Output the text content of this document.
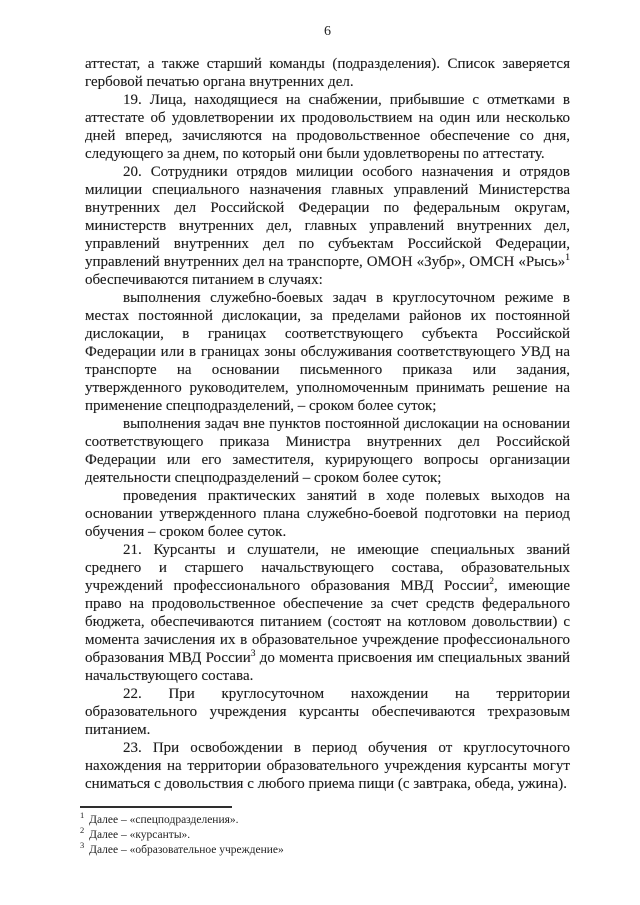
6

аттестат, а также старший команды (подразделения). Список заверяется гербовой печатью органа внутренних дел.

19. Лица, находящиеся на снабжении, прибывшие с отметками в аттестате об удовлетворении их продовольствием на один или несколько дней вперед, зачисляются на продовольственное обеспечение со дня, следующего за днем, по который они были удовлетворены по аттестату.

20. Сотрудники отрядов милиции особого назначения и отрядов милиции специального назначения главных управлений Министерства внутренних дел Российской Федерации по федеральным округам, министерств внутренних дел, главных управлений внутренних дел, управлений внутренних дел по субъектам Российской Федерации, управлений внутренних дел на транспорте, ОМОН «Зубр», ОМСН «Рысь»$^1$ обеспечиваются питанием в случаях:

выполнения служебно-боевых задач в круглосуточном режиме в местах постоянной дислокации, за пределами районов их постоянной дислокации, в границах соответствующего субъекта Российской Федерации или в границах зоны обслуживания соответствующего УВД на транспорте на основании письменного приказа или задания, утвержденного руководителем, уполномоченным принимать решение на применение спецподразделений, – сроком более суток;

выполнения задач вне пунктов постоянной дислокации на основании соответствующего приказа Министра внутренних дел Российской Федерации или его заместителя, курирующего вопросы организации деятельности спецподразделений – сроком более суток;

проведения практических занятий в ходе полевых выходов на основании утвержденного плана служебно-боевой подготовки на период обучения – сроком более суток.

21. Курсанты и слушатели, не имеющие специальных званий среднего и старшего начальствующего состава, образовательных учреждений профессионального образования МВД России$^2$, имеющие право на продовольственное обеспечение за счет средств федерального бюджета, обеспечиваются питанием (состоят на котловом довольствии) с момента зачисления их в образовательное учреждение профессионального образования МВД России$^3$ до момента присвоения им специальных званий начальствующего состава.

22. При круглосуточном нахождении на территории образовательного учреждения курсанты обеспечиваются трехразовым питанием.

23. При освобождении в период обучения от круглосуточного нахождения на территории образовательного учреждения курсанты могут сниматься с довольствия с любого приема пищи (с завтрака, обеда, ужина).

$^1$ Далее – «спецподразделения».

$^2$ Далее – «курсанты».

$^3$ Далее – «образовательное учреждение»
